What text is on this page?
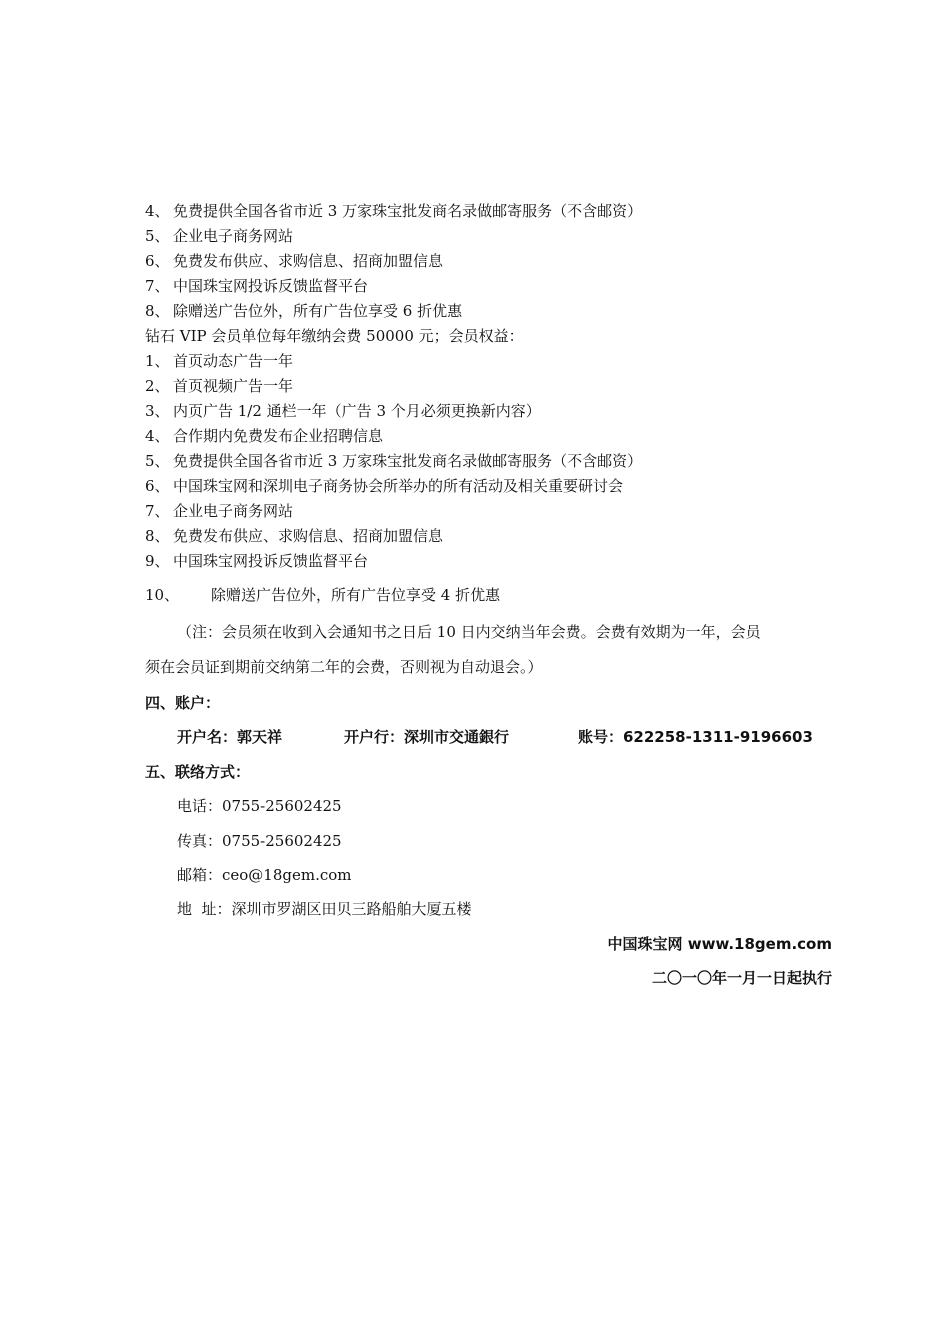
4、 免费提供全国各省市近 3 万家珠宝批发商名录做邮寄服务（不含邮资）
5、 企业电子商务网站
6、 免费发布供应、求购信息、招商加盟信息
7、 中国珠宝网投诉反馈监督平台
8、 除赠送广告位外，所有广告位享受 6 折优惠
钻石 VIP 会员单位每年缴纳会费 50000 元；会员权益：
1、 首页动态广告一年
2、 首页视频广告一年
3、 内页广告 1/2 通栏一年（广告 3 个月必须更换新内容）
4、 合作期内免费发布企业招聘信息
5、 免费提供全国各省市近 3 万家珠宝批发商名录做邮寄服务（不含邮资）
6、 中国珠宝网和深圳电子商务协会所举办的所有活动及相关重要研讨会
7、 企业电子商务网站
8、 免费发布供应、求购信息、招商加盟信息
9、 中国珠宝网投诉反馈监督平台
10、 除赠送广告位外，所有广告位享受 4 折优惠
（注：会员须在收到入会通知书之日后 10 日内交纳当年会费。会费有效期为一年，会员
须在会员证到期前交纳第二年的会费，否则视为自动退会。）
四、账户：
开户名：郭天祥	开户行：深圳市交通銀行	账号：622258-1311-9196603
五、联络方式：
电话：0755-25602425
传真：0755-25602425
邮箱：ceo@18gem.com
地  址：深圳市罗湖区田贝三路船舶大厦五楼
中国珠宝网 www.18gem.com
二〇一〇年一月一日起执行
